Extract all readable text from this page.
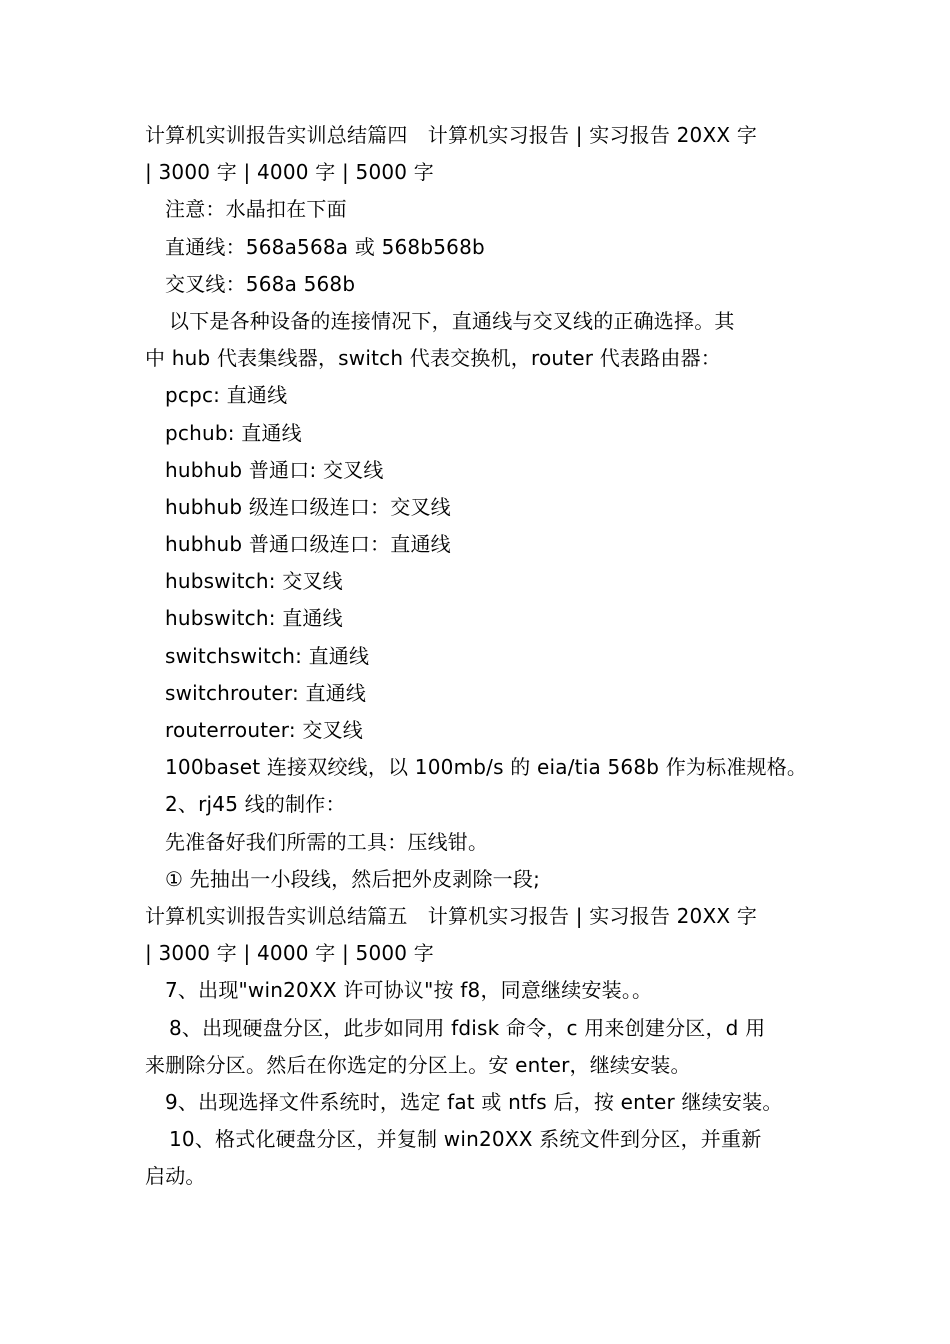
计算机实训报告实训总结篇四　计算机实习报告 | 实习报告 20XX 字
| 3000 字 | 4000 字 | 5000 字
注意：水晶扣在下面
直通线：568a568a 或 568b568b
交叉线：568a 568b
以下是各种设备的连接情况下，直通线与交叉线的正确选择。其
中 hub 代表集线器，switch 代表交换机，router 代表路由器：
pcpc: 直通线
pchub: 直通线
hubhub 普通口: 交叉线
hubhub 级连口级连口：交叉线
hubhub 普通口级连口：直通线
hubswitch: 交叉线
hubswitch: 直通线
switchswitch: 直通线
switchrouter: 直通线
routerrouter: 交叉线
100baset 连接双绞线，以 100mb/s 的 eia/tia 568b 作为标准规格。
2、rj45 线的制作：
先准备好我们所需的工具：压线钳。
① 先抽出一小段线，然后把外皮剥除一段;
计算机实训报告实训总结篇五　计算机实习报告 | 实习报告 20XX 字
| 3000 字 | 4000 字 | 5000 字
7、出现"win20XX 许可协议"按 f8，同意继续安装。。
8、出现硬盘分区，此步如同用 fdisk 命令，c 用来创建分区，d 用
来删除分区。然后在你选定的分区上。安 enter，继续安装。
9、出现选择文件系统时，选定 fat 或 ntfs 后，按 enter 继续安装。
10、格式化硬盘分区，并复制 win20XX 系统文件到分区，并重新
启动。
